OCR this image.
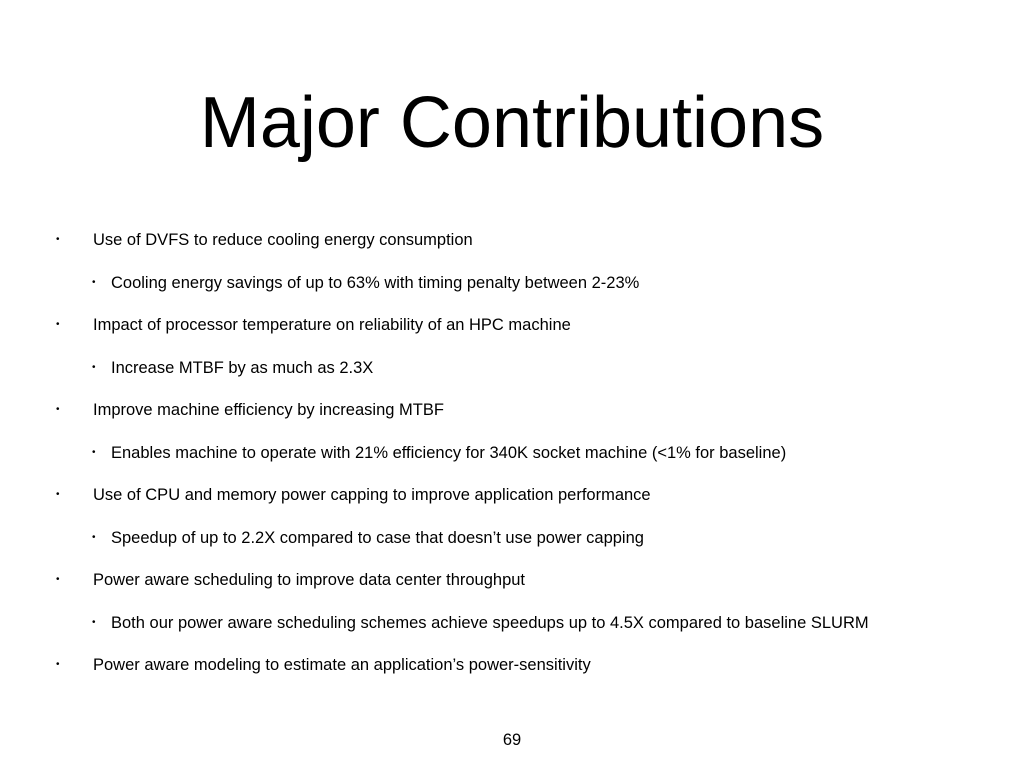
Major Contributions
• Use of DVFS to reduce cooling energy consumption
• Cooling energy savings of up to 63% with timing penalty between 2-23%
• Impact of processor temperature on reliability of an HPC machine
• Increase MTBF by as much as 2.3X
• Improve machine efficiency by increasing MTBF
• Enables machine to operate with 21% efficiency for 340K socket machine (<1% for baseline)
• Use of CPU and memory power capping to improve application performance
• Speedup of up to 2.2X compared to case that doesn’t use power capping
• Power aware scheduling to improve data center throughput
• Both our power aware scheduling schemes achieve speedups up to 4.5X compared to baseline SLURM
• Power aware modeling to estimate an application’s power-sensitivity
69
